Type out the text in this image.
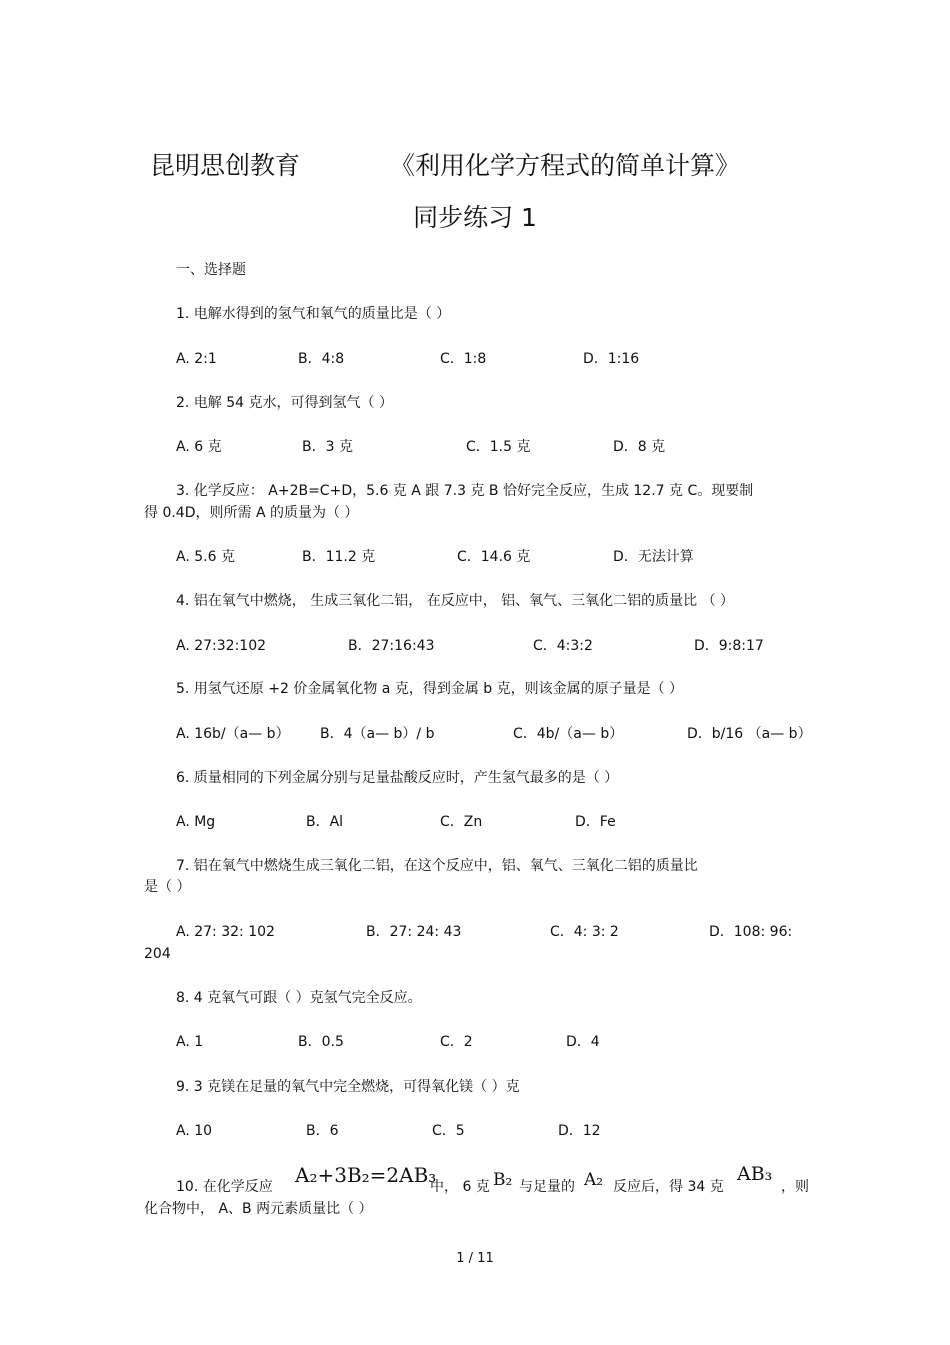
昆明思创教育	《利用化学方程式的简单计算》
同步练习 1
一、选择题
1. 电解水得到的氢气和氧气的质量比是（ ）
A. 2:1	B．4:8	C．1:8	D．1:16
2. 电解 54 克水，可得到氢气（ ）
A. 6 克	B．3 克	C．1.5 克	D．8 克
3. 化学反应： A+2B=C+D，5.6 克 A 跟 7.3 克 B 恰好完全反应，生成 12.7 克 C。现要制
得 0.4D，则所需 A 的质量为（ ）
A. 5.6 克	B．11.2 克	C．14.6 克	D．无法计算
4. 铝在氧气中燃烧， 生成三氧化二铝， 在反应中， 铝、氧气、三氧化二铝的质量比 （ ）
A. 27:32:102	B．27:16:43	C．4:3:2	D．9:8:17
5. 用氢气还原 +2 价金属氧化物 a 克，得到金属 b 克，则该金属的原子量是（ ）
A. 16b/（a— b） B．4（a— b）/ b	C．4b/（a— b）	D．b/16 （a— b）
6. 质量相同的下列金属分别与足量盐酸反应时，产生氢气最多的是（ ）
A. Mg	B．Al	C．Zn	D．Fe
7. 铝在氧气中燃烧生成三氧化二铝，在这个反应中，铝、氧气、三氧化二铝的质量比
是（ ）
A. 27: 32: 102	B．27: 24: 43	C．4: 3: 2	D．108: 96:
204
8. 4 克氧气可跟（ ）克氢气完全反应。
A. 1	B．0.5	C．2	D．4
9. 3 克镁在足量的氧气中完全燃烧，可得氧化镁（ ）克
A. 10	B．6	C．5	D．12
10. 在化学反应 A₂+3B₂=2AB₃
中， 6 克 B₂ 与足量的 A₂ 反应后，得 34 克
AB₃
，则
化合物中， A、B 两元素质量比（ ）
1 / 11
